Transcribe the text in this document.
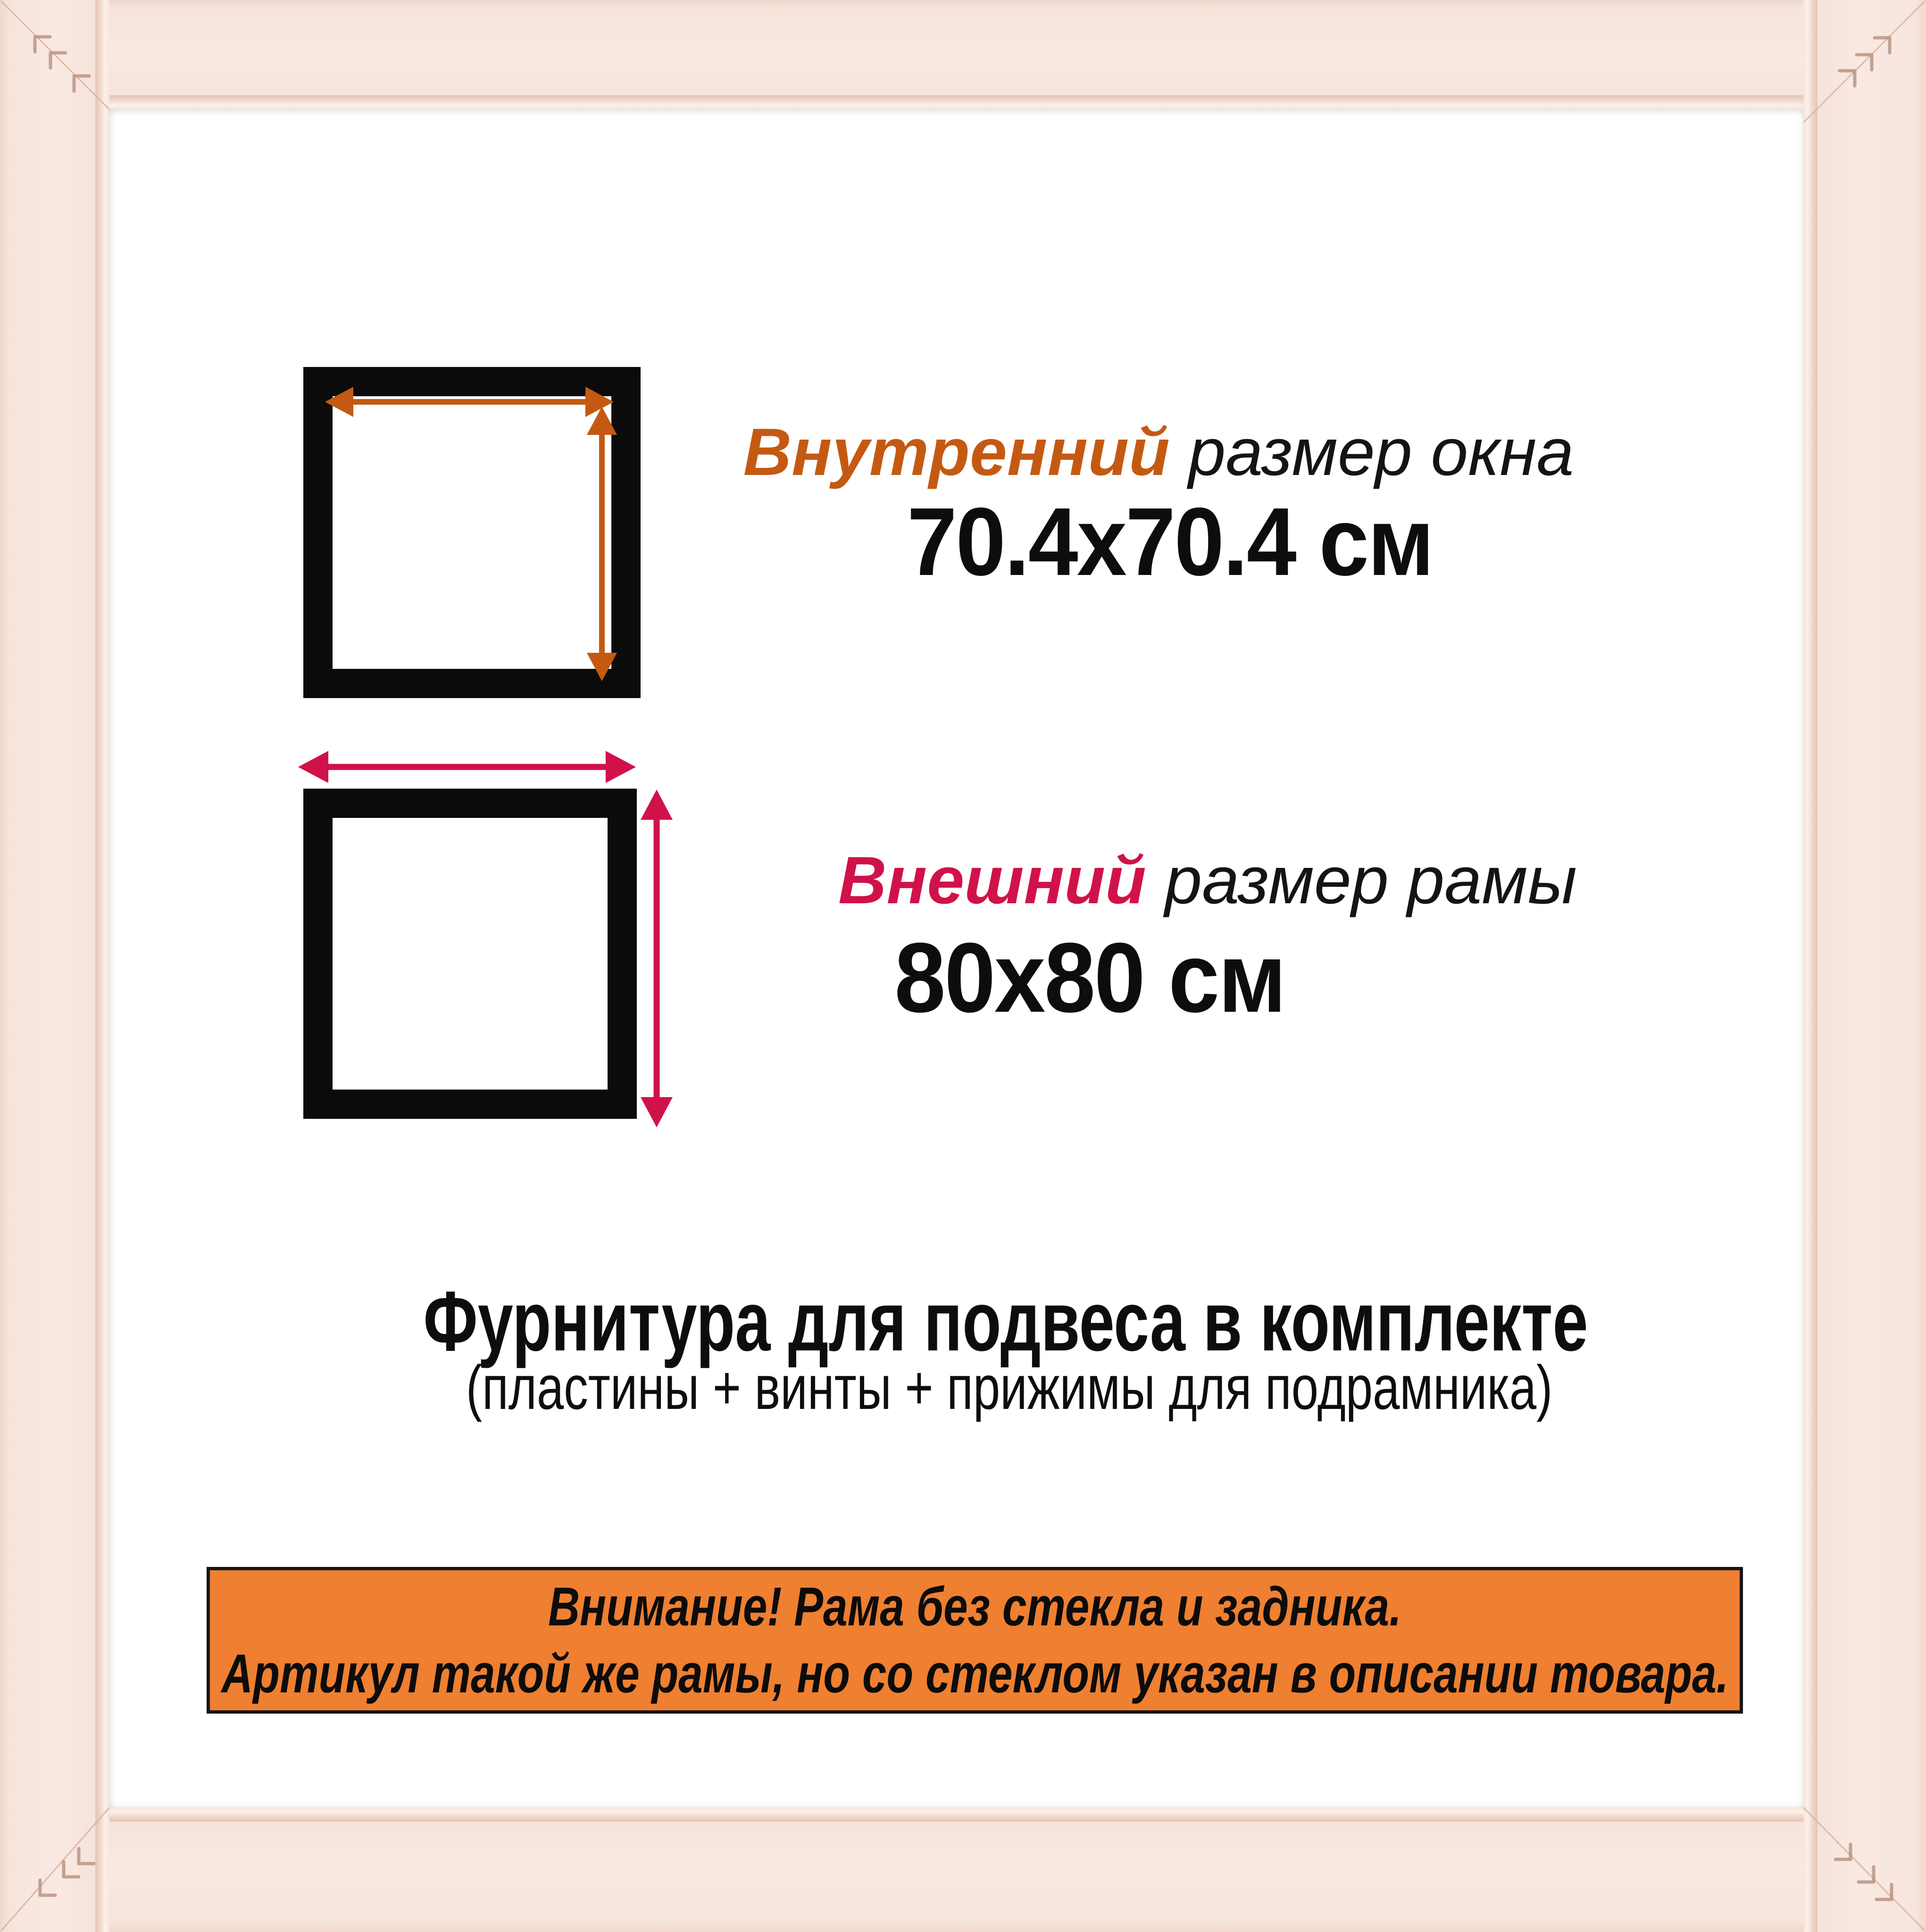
Внутренний размер окна
70.4x70.4 см
Внешний размер рамы
80x80 см
Фурнитура для подвеса в комплекте
(пластины + винты + прижимы для подрамника)
Внимание! Рама без стекла и задника.
Артикул такой же рамы, но со стеклом указан в описании товара.
